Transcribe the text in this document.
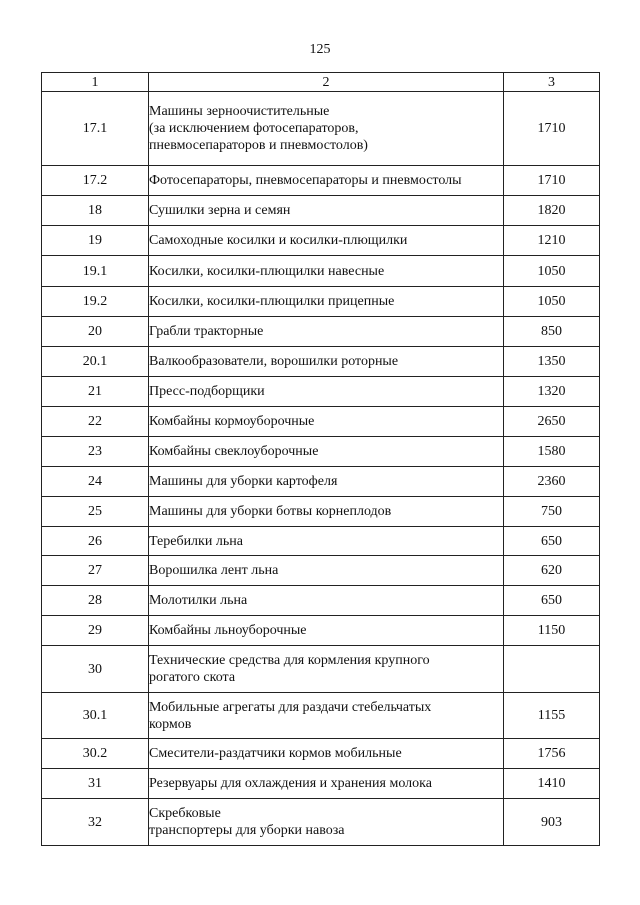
125
1	2	3
17.1	Машины зерноочистительные
(за исключением фотосепараторов,
пневмосепараторов и пневмостолов)	1710
17.2	Фотосепараторы, пневмосепараторы и пневмостолы	1710
18	Сушилки зерна и семян	1820
19	Самоходные косилки и косилки-плющилки	1210
19.1	Косилки, косилки-плющилки навесные	1050
19.2	Косилки, косилки-плющилки прицепные	1050
20	Грабли тракторные	850
20.1	Валкообразователи, ворошилки роторные	1350
21	Пресс-подборщики	1320
22	Комбайны кормоуборочные	2650
23	Комбайны свеклоуборочные	1580
24	Машины для уборки картофеля	2360
25	Машины для уборки ботвы корнеплодов	750
26	Теребилки льна	650
27	Ворошилка лент льна	620
28	Молотилки льна	650
29	Комбайны льноуборочные	1150
30	Технические средства для кормления крупного
рогатого скота	
30.1	Мобильные агрегаты для раздачи стебельчатых
кормов	1155
30.2	Смесители-раздатчики кормов мобильные	1756
31	Резервуары для охлаждения и хранения молока	1410
32	Скребковые
транспортеры для уборки навоза	903
